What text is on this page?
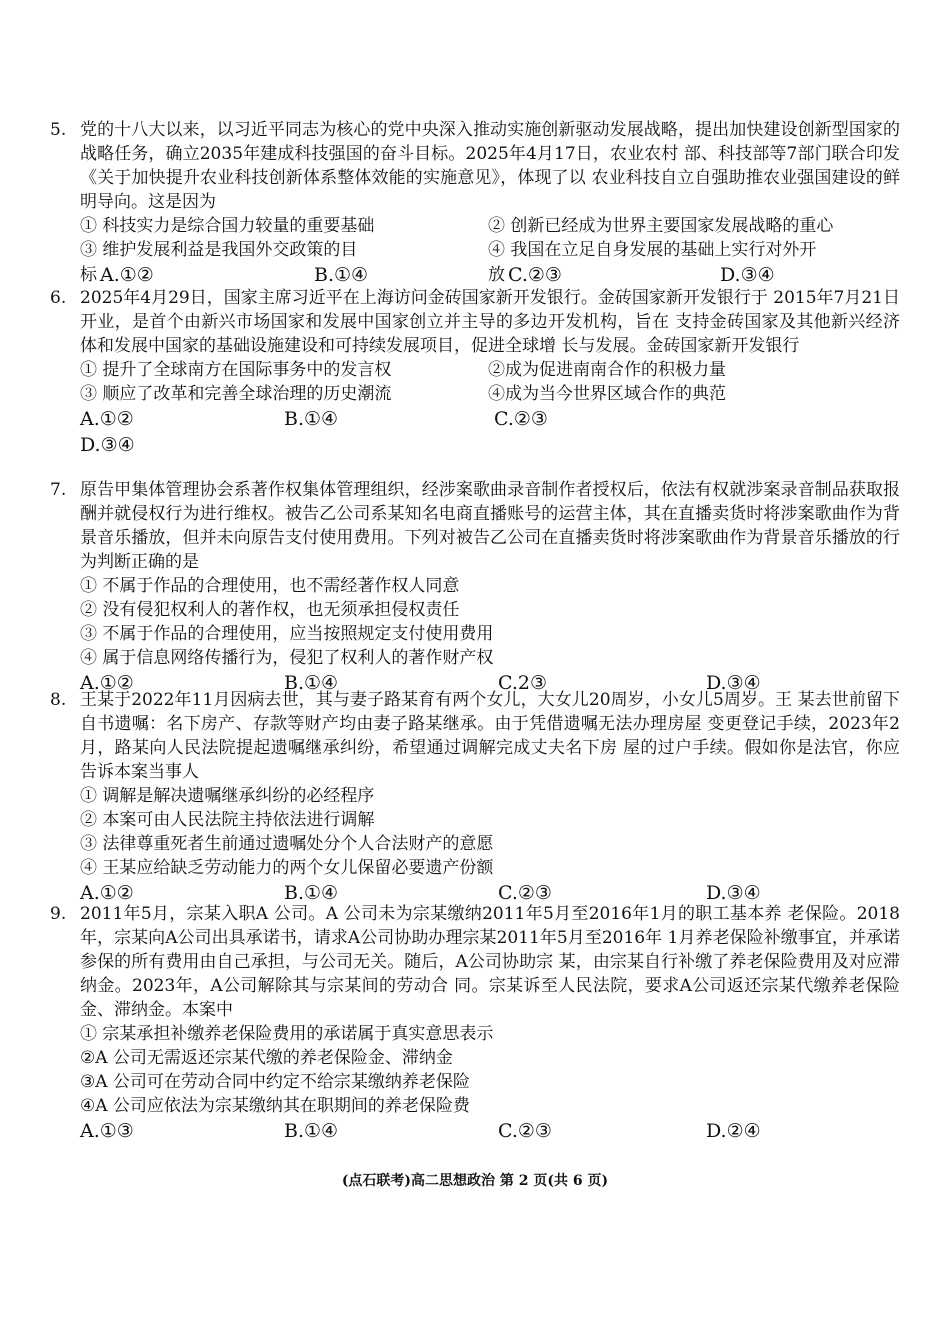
5. 党的十八大以来，以习近平同志为核心的党中央深入推动实施创新驱动发展战略，提出加快建设创新型国家的战略任务，确立2035年建成科技强国的奋斗目标。2025年4月17日，农业农村 部、科技部等7部门联合印发《关于加快提升农业科技创新体系整体效能的实施意见》，体现了以 农业科技自立自强助推农业强国建设的鲜明导向。这是因为
① 科技实力是综合国力较量的重要基础	② 创新已经成为世界主要国家发展战略的重心
③ 维护发展利益是我国外交政策的目	④ 我国在立足自身发展的基础上实行对外开
标 A.①②	B.①④	放 C.②③	D.③④
6. 2025年4月29日，国家主席习近平在上海访问金砖国家新开发银行。金砖国家新开发银行于 2015年7月21日开业，是首个由新兴市场国家和发展中国家创立并主导的多边开发机构，旨在 支持金砖国家及其他新兴经济体和发展中国家的基础设施建设和可持续发展项目，促进全球增 长与发展。金砖国家新开发银行
① 提升了全球南方在国际事务中的发言权	②成为促进南南合作的积极力量
③ 顺应了改革和完善全球治理的历史潮流	④成为当今世界区域合作的典范
A.①②	B.①④	C.②③
D.③④
7. 原告甲集体管理协会系著作权集体管理组织，经涉案歌曲录音制作者授权后，依法有权就涉案录音制品获取报酬并就侵权行为进行维权。被告乙公司系某知名电商直播账号的运营主体，其在直播卖货时将涉案歌曲作为背景音乐播放，但并未向原告支付使用费用。下列对被告乙公司在直播卖货时将涉案歌曲作为背景音乐播放的行为判断正确的是
① 不属于作品的合理使用，也不需经著作权人同意
② 没有侵犯权利人的著作权，也无须承担侵权责任
③ 不属于作品的合理使用，应当按照规定支付使用费用
④ 属于信息网络传播行为，侵犯了权利人的著作财产权
A.①②	B.①④	C.2③	D.③④
8. 王某于2022年11月因病去世，其与妻子路某育有两个女儿，大女儿20周岁，小女儿5周岁。王 某去世前留下自书遗嘱：名下房产、存款等财产均由妻子路某继承。由于凭借遗嘱无法办理房屋 变更登记手续，2023年2月，路某向人民法院提起遗嘱继承纠纷，希望通过调解完成丈夫名下房 屋的过户手续。假如你是法官，你应告诉本案当事人
① 调解是解决遗嘱继承纠纷的必经程序
② 本案可由人民法院主持依法进行调解
③ 法律尊重死者生前通过遗嘱处分个人合法财产的意愿
④ 王某应给缺乏劳动能力的两个女儿保留必要遗产份额
A.①②	B.①④	C.②③	D.③④
9. 2011年5月，宗某入职A 公司。A 公司未为宗某缴纳2011年5月至2016年1月的职工基本养 老保险。2018年，宗某向A公司出具承诺书，请求A公司协助办理宗某2011年5月至2016年 1月养老保险补缴事宜，并承诺参保的所有费用由自己承担，与公司无关。随后，A公司协助宗 某，由宗某自行补缴了养老保险费用及对应滞纳金。2023年，A公司解除其与宗某间的劳动合 同。宗某诉至人民法院，要求A公司返还宗某代缴养老保险金、滞纳金。本案中
① 宗某承担补缴养老保险费用的承诺属于真实意思表示
②A 公司无需返还宗某代缴的养老保险金、滞纳金
③A 公司可在劳动合同中约定不给宗某缴纳养老保险
④A 公司应依法为宗某缴纳其在职期间的养老保险费
A.①③	B.①④	C.②③	D.②④
(点石联考)高二思想政治 第 2 页(共 6 页)
